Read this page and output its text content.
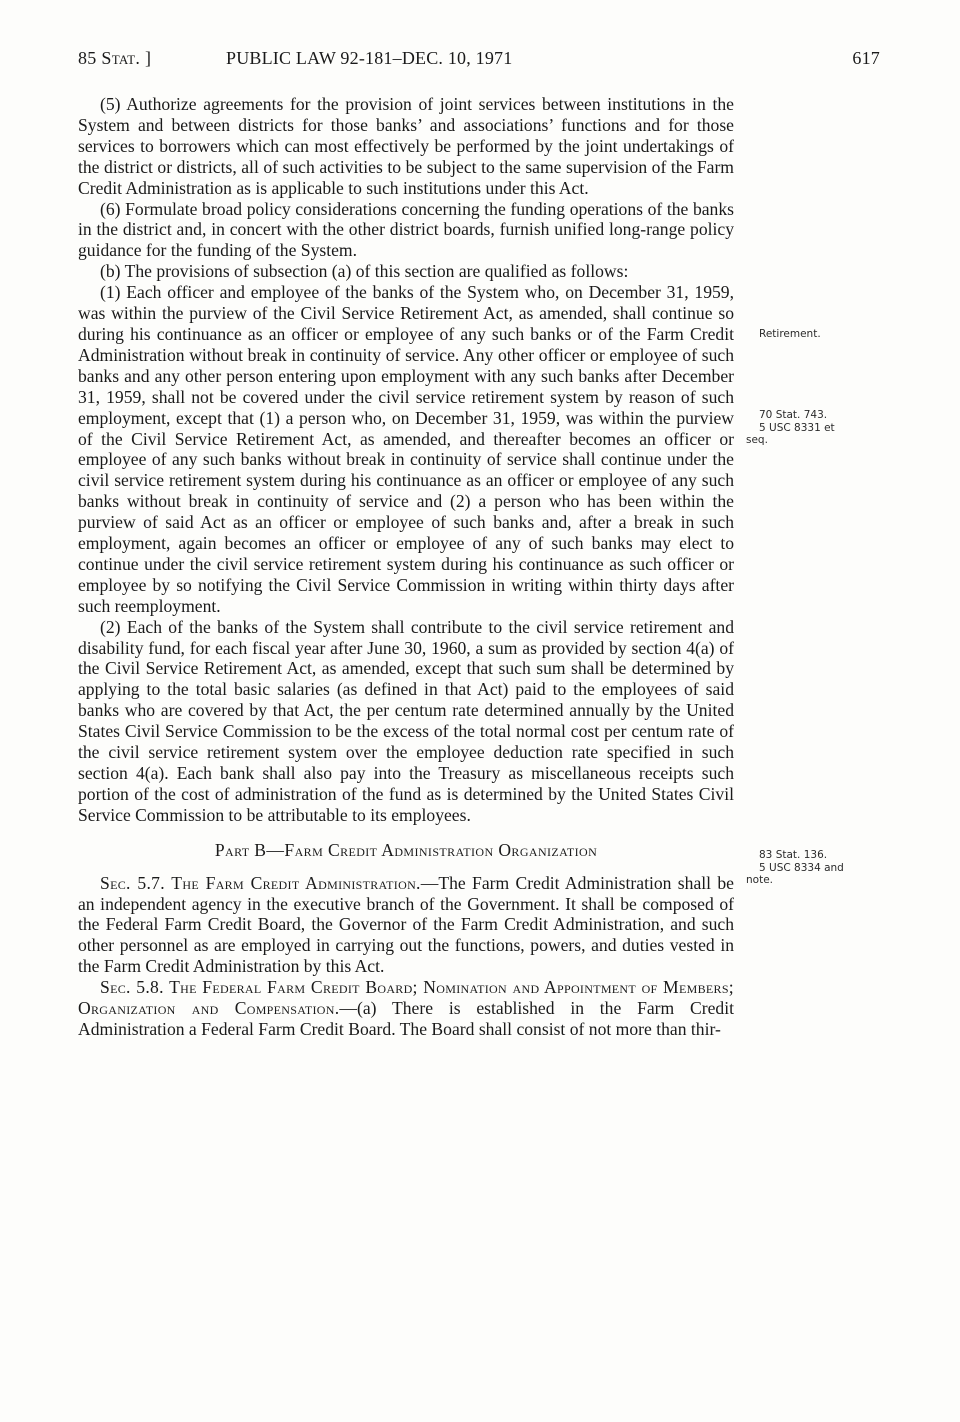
85 Stat. ]	PUBLIC LAW 92-181–DEC. 10, 1971	617

(5) Authorize agreements for the provision of joint services between institutions in the System and between districts for those banks’ and associations’ functions and for those services to borrowers which can most effectively be performed by the joint undertakings of the district or districts, all of such activities to be subject to the same supervision of the Farm Credit Administration as is applicable to such institutions under this Act.

(6) Formulate broad policy considerations concerning the funding operations of the banks in the district and, in concert with the other district boards, furnish unified long-range policy guidance for the funding of the System.

(b) The provisions of subsection (a) of this section are qualified as follows:

(1) Each officer and employee of the banks of the System who, on December 31, 1959, was within the purview of the Civil Service Retirement Act, as amended, shall continue so during his continuance as an officer or employee of any such banks or of the Farm Credit Administration without break in continuity of service. Any other officer or employee of such banks and any other person entering upon employment with any such banks after December 31, 1959, shall not be covered under the civil service retirement system by reason of such employment, except that (1) a person who, on December 31, 1959, was within the purview of the Civil Service Retirement Act, as amended, and thereafter becomes an officer or employee of any such banks without break in continuity of service shall continue under the civil service retirement system during his continuance as an officer or employee of any such banks without break in continuity of service and (2) a person who has been within the purview of said Act as an officer or employee of such banks and, after a break in such employment, again becomes an officer or employee of any of such banks may elect to continue under the civil service retirement system during his continuance as such officer or employee by so notifying the Civil Service Commission in writing within thirty days after such reemployment.

(2) Each of the banks of the System shall contribute to the civil service retirement and disability fund, for each fiscal year after June 30, 1960, a sum as provided by section 4(a) of the Civil Service Retirement Act, as amended, except that such sum shall be determined by applying to the total basic salaries (as defined in that Act) paid to the employees of said banks who are covered by that Act, the per centum rate determined annually by the United States Civil Service Commission to be the excess of the total normal cost per centum rate of the civil service retirement system over the employee deduction rate specified in such section 4(a). Each bank shall also pay into the Treasury as miscellaneous receipts such portion of the cost of administration of the fund as is determined by the United States Civil Service Commission to be attributable to its employees.

Part B—Farm Credit Administration Organization

Sec. 5.7. The Farm Credit Administration.—The Farm Credit Administration shall be an independent agency in the executive branch of the Government. It shall be composed of the Federal Farm Credit Board, the Governor of the Farm Credit Administration, and such other personnel as are employed in carrying out the functions, powers, and duties vested in the Farm Credit Administration by this Act.

Sec. 5.8. The Federal Farm Credit Board; Nomination and Appointment of Members; Organization and Compensation.—(a) There is established in the Farm Credit Administration a Federal Farm Credit Board. The Board shall consist of not more than thir-

Retirement.
70 Stat. 743.
5 USC 8331 et
seq.
83 Stat. 136.
5 USC 8334 and
note.
